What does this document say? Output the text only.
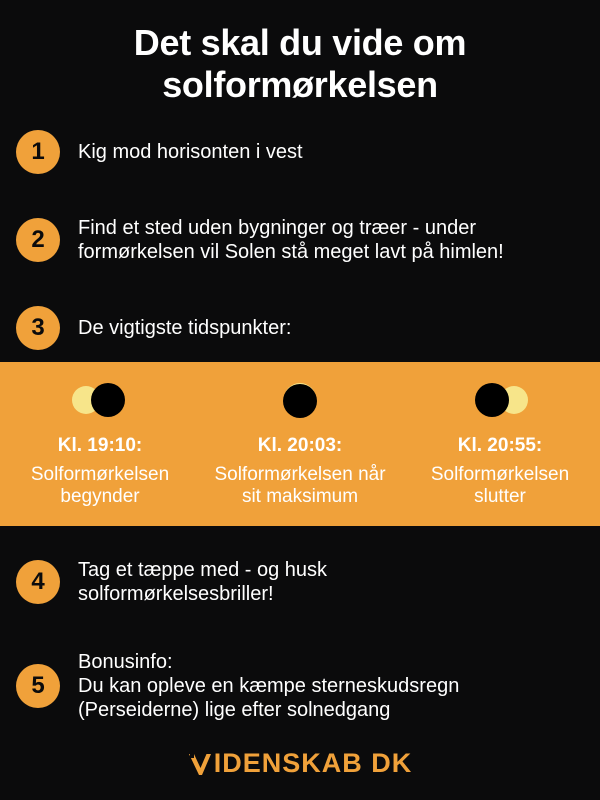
Det skal du vide om
solformørkelsen
1	Kig mod horisonten i vest
2	Find et sted uden bygninger og træer - under
formørkelsen vil Solen stå meget lavt på himlen!
3	De vigtigste tidspunkter:
Kl. 19:10:
Solformørkelsen
begynder
Kl. 20:03:
Solformørkelsen når
sit maksimum
Kl. 20:55:
Solformørkelsen
slutter
4	Tag et tæppe med - og husk
solformørkelsesbriller!
5
Bonusinfo:
Du kan opleve en kæmpe sterneskudsregn
(Perseiderne) lige efter solnedgang
IDENSKAB DK
